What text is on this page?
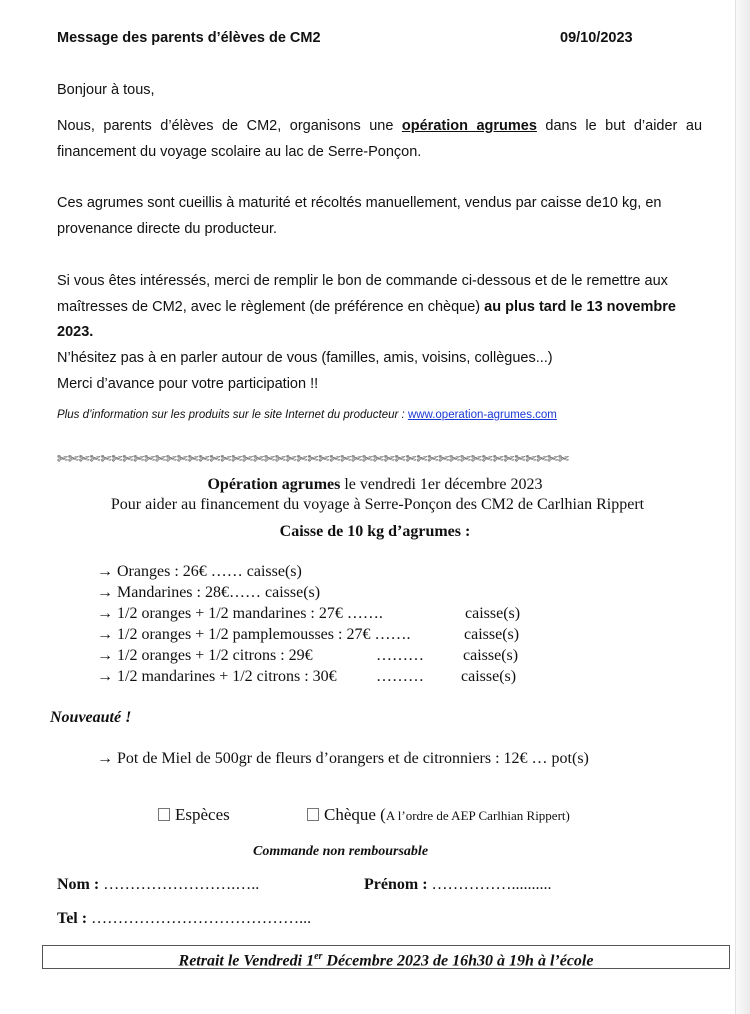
Message des parents d’élèves de CM2	09/10/2023
Bonjour à tous,
Nous, parents d’élèves de CM2, organisons une opération agrumes dans le but d’aider au
financement du voyage scolaire au lac de Serre-Ponçon.
Ces agrumes sont cueillis à maturité et récoltés manuellement, vendus par caisse de10 kg, en
provenance directe du producteur.
Si vous êtes intéressés, merci de remplir le bon de commande ci-dessous et de le remettre aux
maîtresses de CM2, avec le règlement (de préférence en chèque) au plus tard le 13 novembre
2023.
N’hésitez pas à en parler autour de vous (familles, amis, voisins, collègues...)
Merci d’avance pour votre participation !!
Plus d’information sur les produits sur le site Internet du producteur : www.operation-agrumes.com
✄✄✄✄✄✄✄✄✄✄✄✄✄✄✄✄✄✄✄✄✄✄✄✄✄✄✄✄✄✄✄✄✄✄✄✄✄✄✄✄✄✄✄✄✄✄✄
Opération agrumes le vendredi 1er décembre 2023
Pour aider au financement du voyage à Serre-Ponçon des CM2 de Carlhian Rippert
Caisse de 10 kg d’agrumes :
→ Oranges : 26€ …… caisse(s)
→ Mandarines : 28€…… caisse(s)
→ 1/2 oranges + 1/2 mandarines : 27€ …….	caisse(s)
→ 1/2 oranges + 1/2 pamplemousses : 27€ …….	caisse(s)
→ 1/2 oranges + 1/2 citrons : 29€	……… caisse(s)
→ 1/2 mandarines + 1/2 citrons : 30€ ……… caisse(s)
Nouveauté !
→ Pot de Miel de 500gr de fleurs d’orangers et de citronniers : 12€ … pot(s)
Espèces	Chèque (A l’ordre de AEP Carlhian Rippert)
Commande non remboursable
Nom : …………………….…..	Prénom : ……………..........
Tel : …………………………………...
Retrait le Vendredi 1er Décembre 2023 de 16h30 à 19h à l’école
